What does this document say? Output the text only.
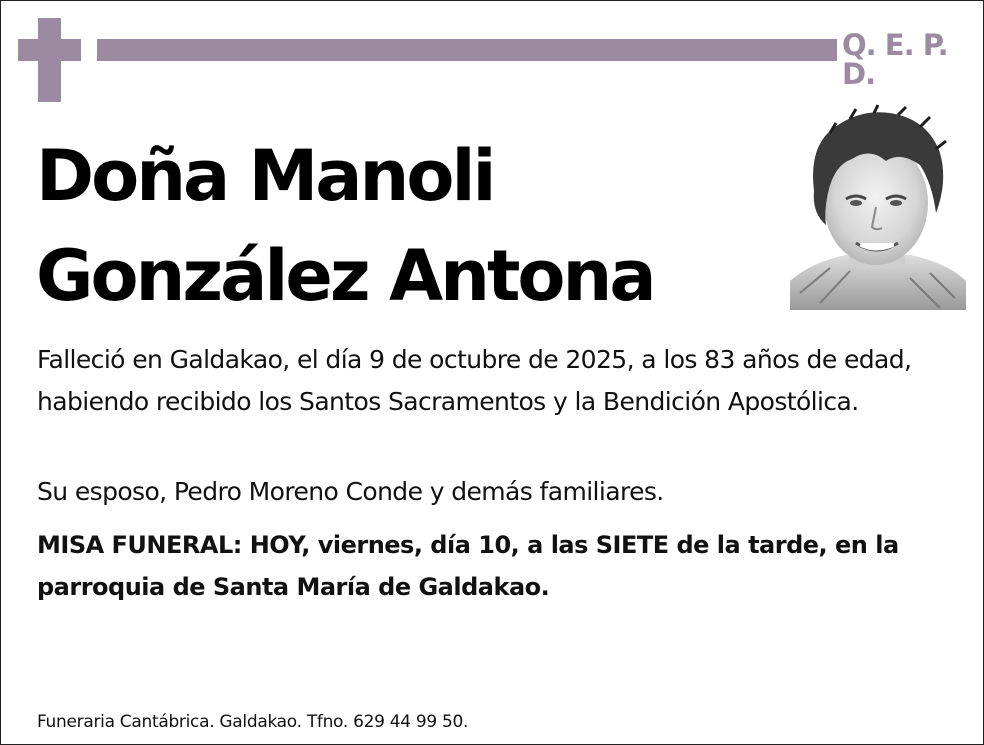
Q. E. P. D.
Doña Manoli
González Antona
Falleció en Galdakao, el día 9 de octubre de 2025, a los 83 años de edad, habiendo recibido los Santos Sacramentos y la Bendición Apostólica.
Su esposo, Pedro Moreno Conde y demás familiares.
MISA FUNERAL: HOY, viernes, día 10, a las SIETE de la tarde, en la parroquia de Santa María de Galdakao.
Funeraria Cantábrica. Galdakao. Tfno. 629 44 99 50.
